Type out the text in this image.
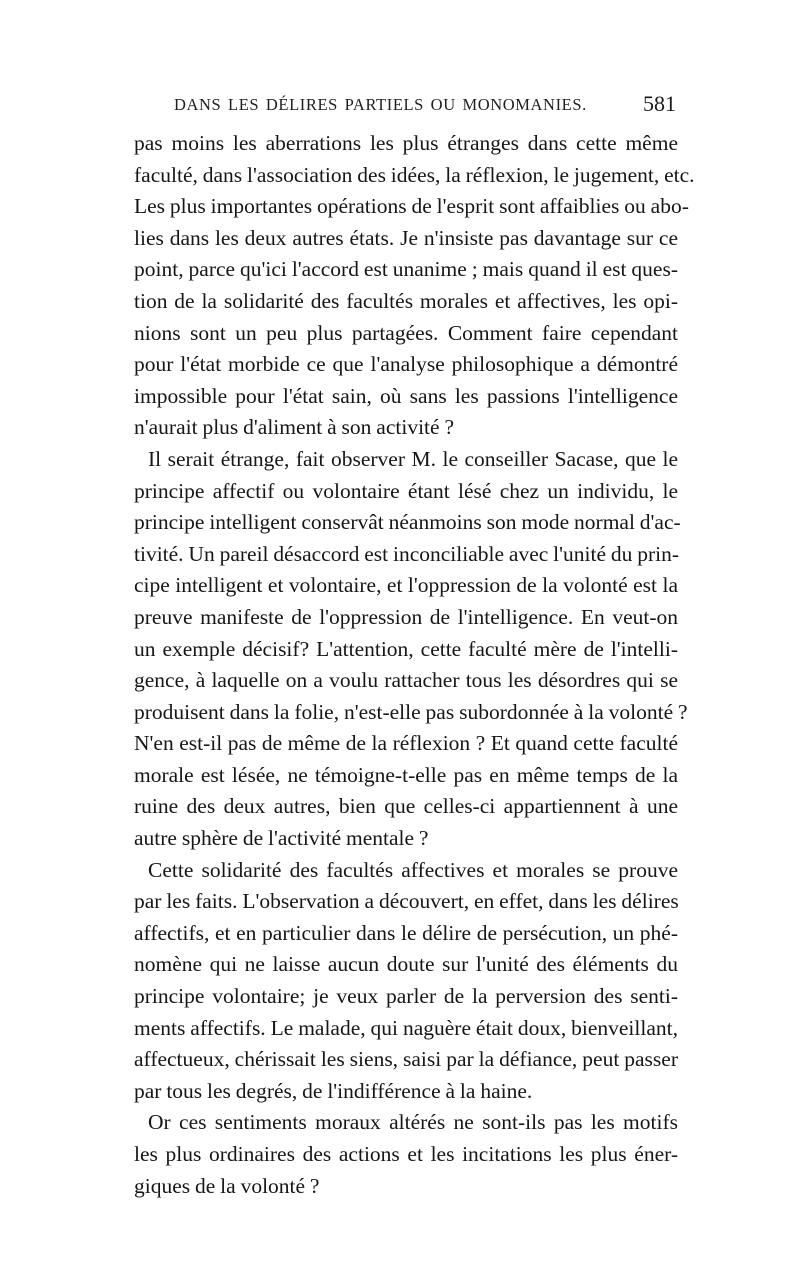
DANS LES DÉLIRES PARTIELS OU MONOMANIES.	581
pas moins les aberrations les plus étranges dans cette même
faculté, dans l'association des idées, la réflexion, le jugement, etc.
Les plus importantes opérations de l'esprit sont affaiblies ou abo-
lies dans les deux autres états. Je n'insiste pas davantage sur ce
point, parce qu'ici l'accord est unanime ; mais quand il est ques-
tion de la solidarité des facultés morales et affectives, les opi-
nions sont un peu plus partagées. Comment faire cependant
pour l'état morbide ce que l'analyse philosophique a démontré
impossible pour l'état sain, où sans les passions l'intelligence
n'aurait plus d'aliment à son activité ?
Il serait étrange, fait observer M. le conseiller Sacase, que le
principe affectif ou volontaire étant lésé chez un individu, le
principe intelligent conservât néanmoins son mode normal d'ac-
tivité. Un pareil désaccord est inconciliable avec l'unité du prin-
cipe intelligent et volontaire, et l'oppression de la volonté est la
preuve manifeste de l'oppression de l'intelligence. En veut-on
un exemple décisif? L'attention, cette faculté mère de l'intelli-
gence, à laquelle on a voulu rattacher tous les désordres qui se
produisent dans la folie, n'est-elle pas subordonnée à la volonté ?
N'en est-il pas de même de la réflexion ? Et quand cette faculté
morale est lésée, ne témoigne-t-elle pas en même temps de la
ruine des deux autres, bien que celles-ci appartiennent à une
autre sphère de l'activité mentale ?
Cette solidarité des facultés affectives et morales se prouve
par les faits. L'observation a découvert, en effet, dans les délires
affectifs, et en particulier dans le délire de persécution, un phé-
nomène qui ne laisse aucun doute sur l'unité des éléments du
principe volontaire; je veux parler de la perversion des senti-
ments affectifs. Le malade, qui naguère était doux, bienveillant,
affectueux, chérissait les siens, saisi par la défiance, peut passer
par tous les degrés, de l'indifférence à la haine.
Or ces sentiments moraux altérés ne sont-ils pas les motifs
les plus ordinaires des actions et les incitations les plus éner-
giques de la volonté ?
